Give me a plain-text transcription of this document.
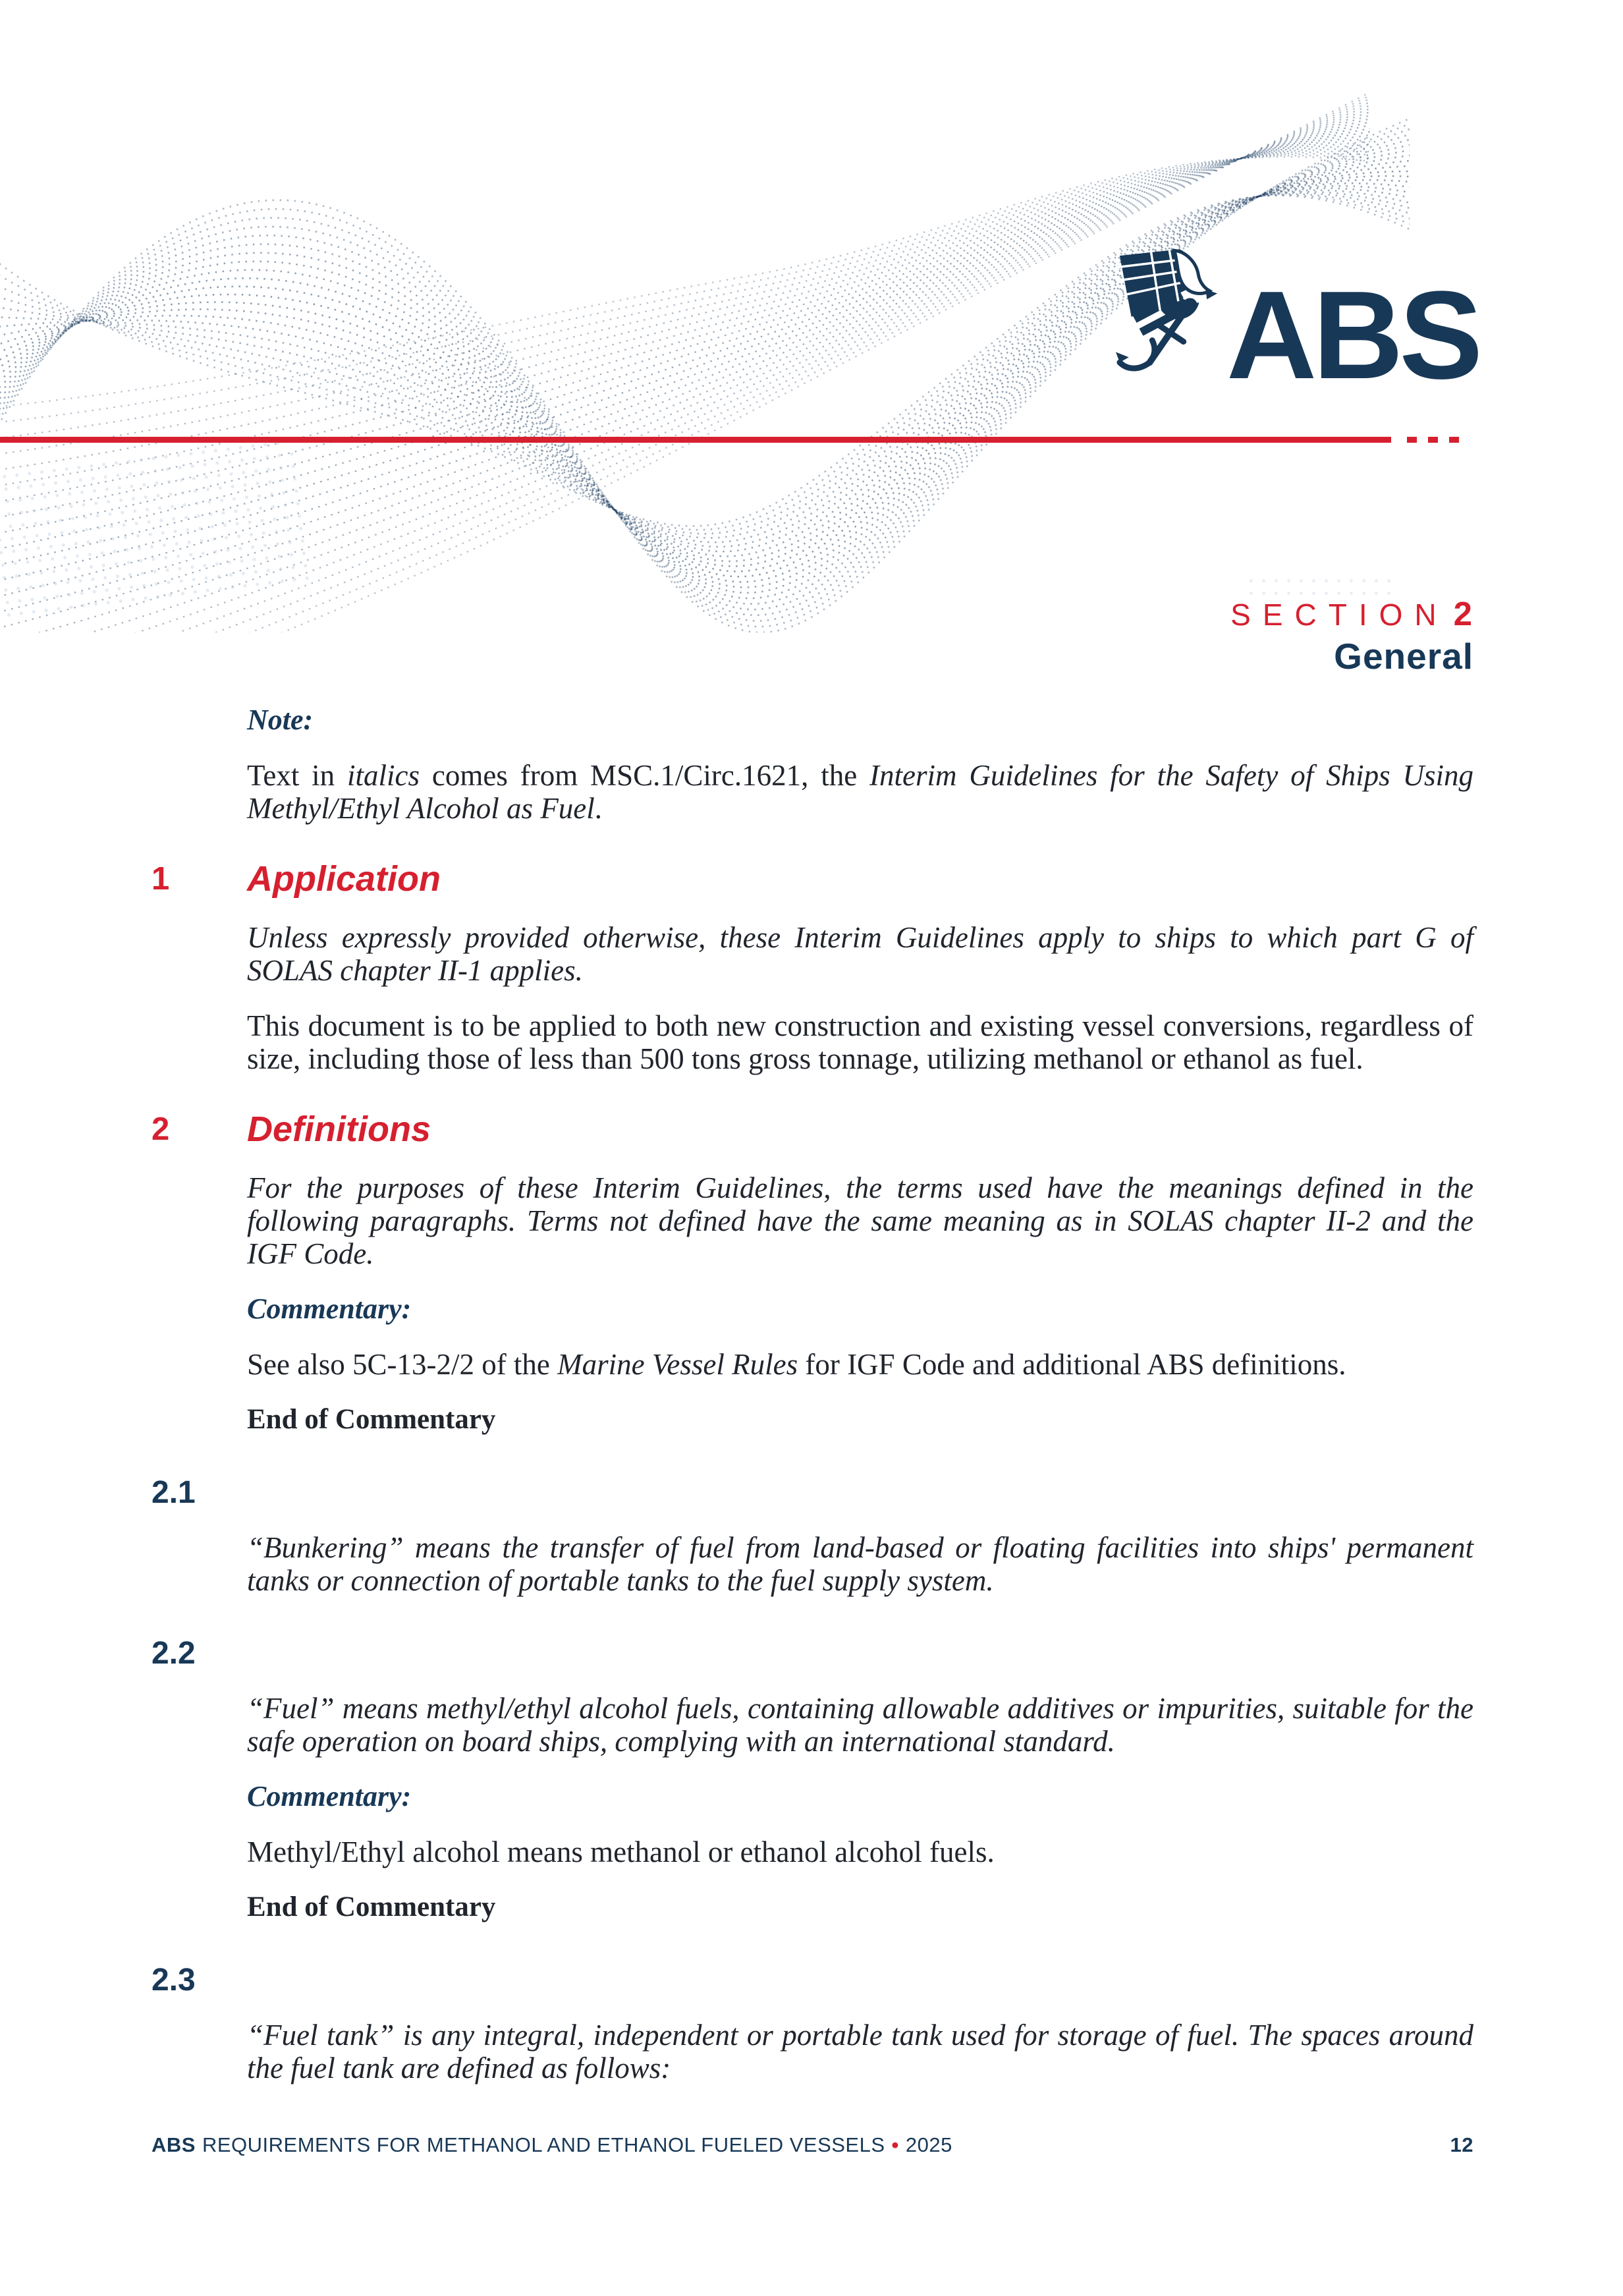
ABS
SECTION 2
General
Note:
Text in italics comes from MSC.1/Circ.1621, the Interim Guidelines for the Safety of Ships Using Methyl/Ethyl Alcohol as Fuel.
1	Application
Unless expressly provided otherwise, these Interim Guidelines apply to ships to which part G of SOLAS chapter II-1 applies.
This document is to be applied to both new construction and existing vessel conversions, regardless of size, including those of less than 500 tons gross tonnage, utilizing methanol or ethanol as fuel.
2	Definitions
For the purposes of these Interim Guidelines, the terms used have the meanings defined in the following paragraphs. Terms not defined have the same meaning as in SOLAS chapter II-2 and the IGF Code.
Commentary:
See also 5C-13-2/2 of the Marine Vessel Rules for IGF Code and additional ABS definitions.
End of Commentary
2.1
“Bunkering” means the transfer of fuel from land-based or floating facilities into ships' permanent tanks or connection of portable tanks to the fuel supply system.
2.2
“Fuel” means methyl/ethyl alcohol fuels, containing allowable additives or impurities, suitable for the safe operation on board ships, complying with an international standard.
Commentary:
Methyl/Ethyl alcohol means methanol or ethanol alcohol fuels.
End of Commentary
2.3
“Fuel tank” is any integral, independent or portable tank used for storage of fuel. The spaces around the fuel tank are defined as follows:
ABS REQUIREMENTS FOR METHANOL AND ETHANOL FUELED VESSELS • 2025	12
